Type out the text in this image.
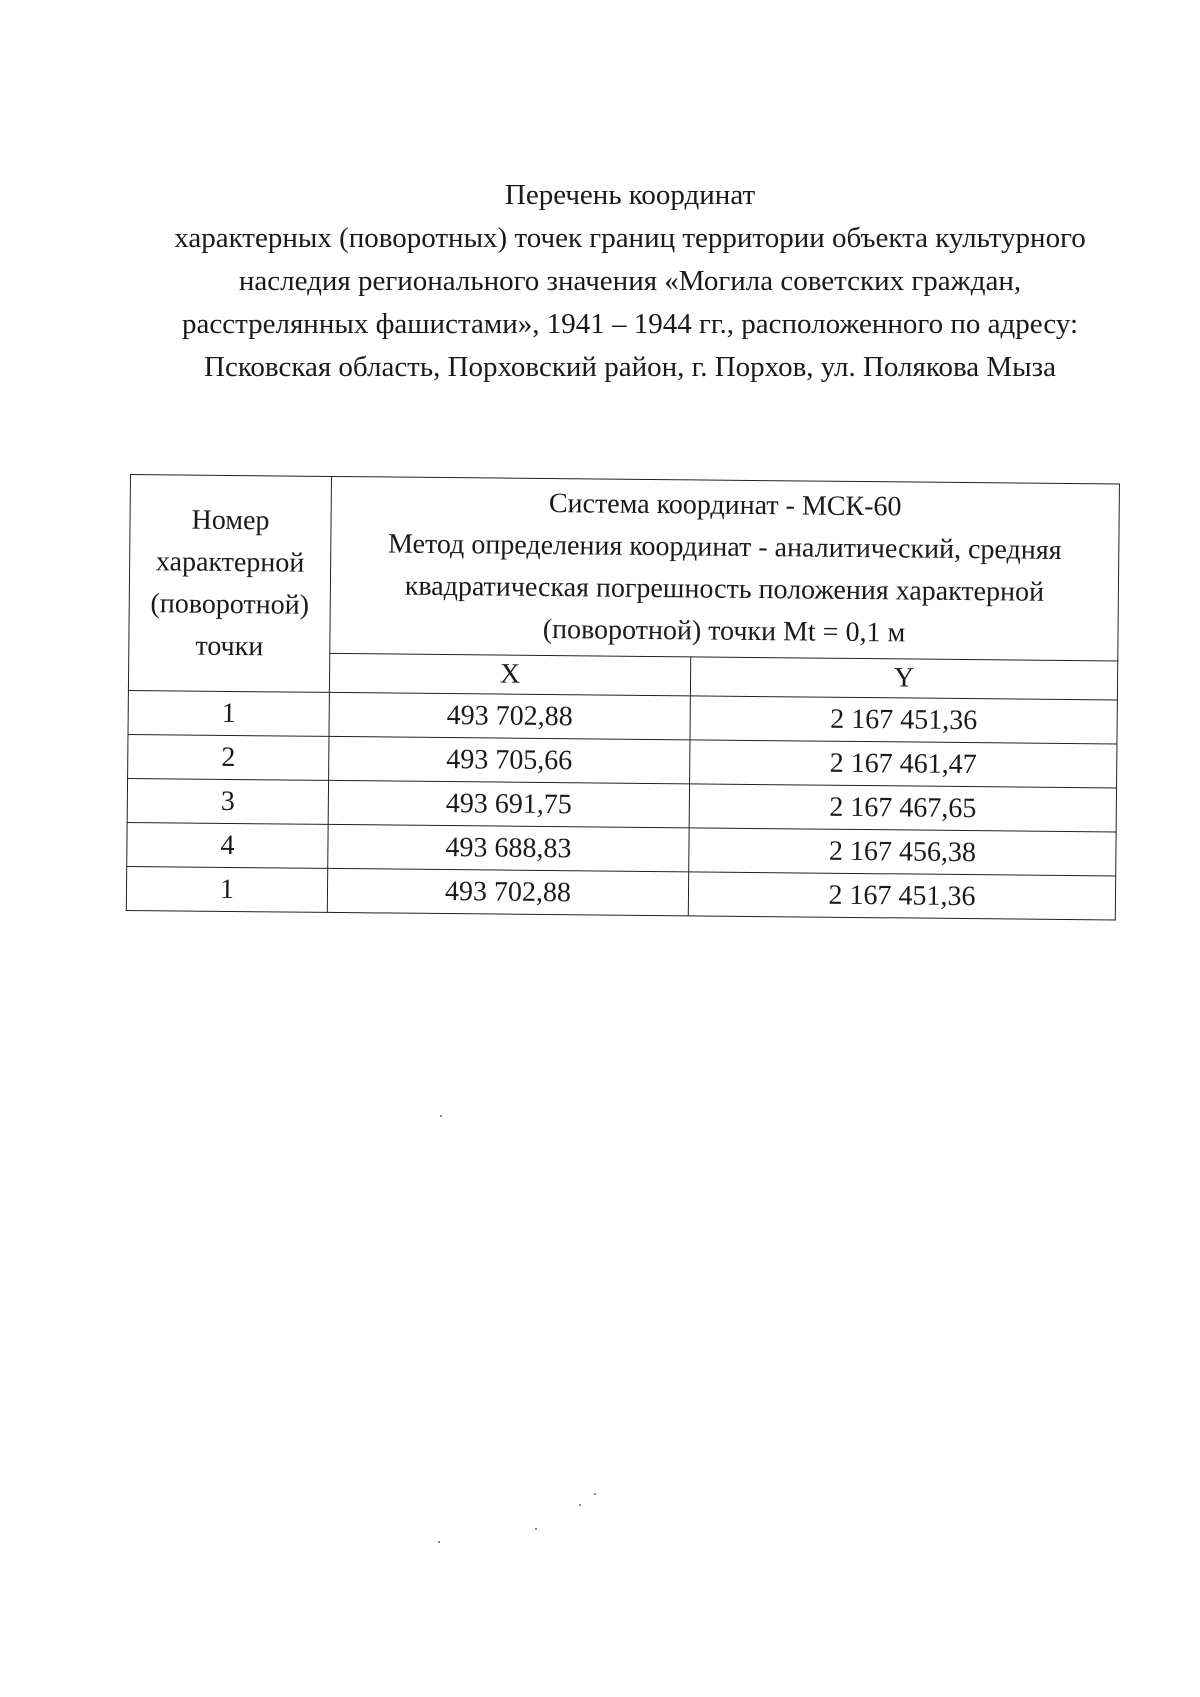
Перечень координат
характерных (поворотных) точек границ территории объекта культурного
наследия регионального значения «Могила советских граждан,
расстрелянных фашистами», 1941 – 1944 гг., расположенного по адресу:
Псковская область, Порховский район, г. Порхов, ул. Полякова Мыза
Номер
характерной
(поворотной)
точки	Система координат - МСК-60
Метод определения координат - аналитический, средняя
квадратическая погрешность положения характерной
(поворотной) точки Mt = 0,1 м	

	X	Y
1	493 702,88	2 167 451,36
2	493 705,66	2 167 461,47
3	493 691,75	2 167 467,65
4	493 688,83	2 167 456,38
1	493 702,88	2 167 451,36
